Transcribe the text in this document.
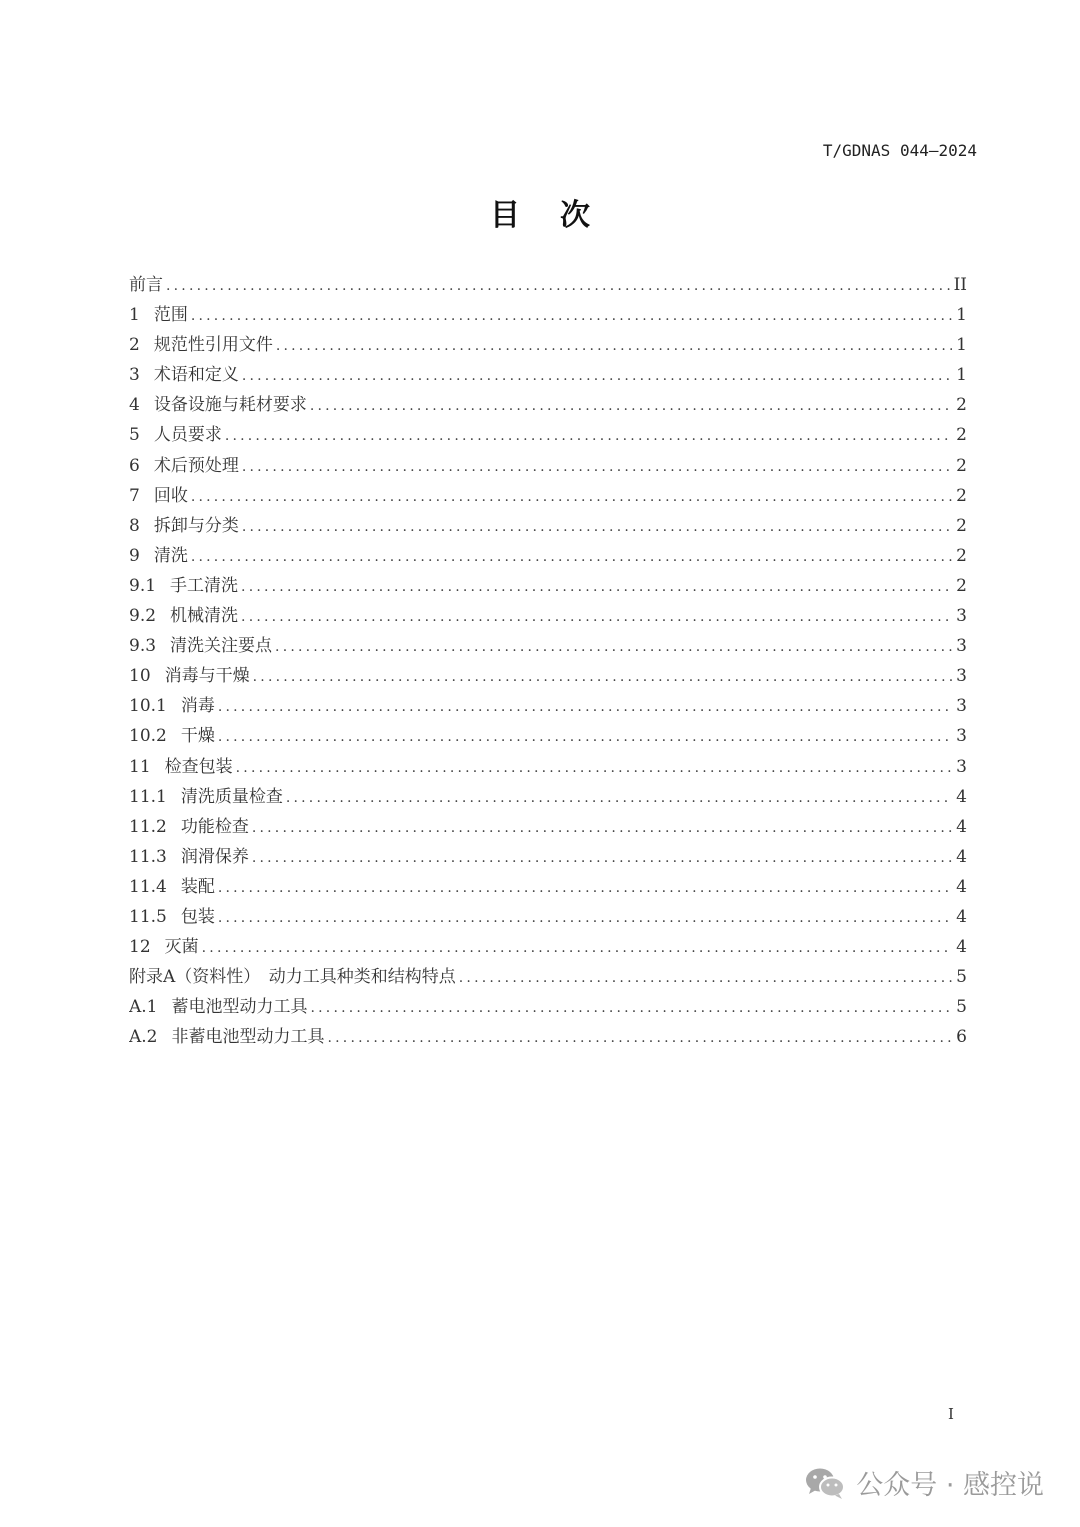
T/GDNAS 044—2024
目次
前言 .....	II
1 范围 .....	1
2 规范性引用文件 .....	1
3 术语和定义 .....	1
4 设备设施与耗材要求 .....	2
5 人员要求 .....	2
6 术后预处理 .....	2
7 回收 .....	2
8 拆卸与分类 .....	2
9 清洗 .....	2
9.1 手工清洗 .....	2
9.2 机械清洗 .....	3
9.3 清洗关注要点 .....	3
10 消毒与干燥 .....	3
10.1 消毒 .....	3
10.2 干燥 .....	3
11 检查包装 .....	3
11.1 清洗质量检查 .....	4
11.2 功能检查 .....	4
11.3 润滑保养 .....	4
11.4 装配 .....	4
11.5 包装 .....	4
12 灭菌 .....	4
附录A（资料性）　动力工具种类和结构特点 .....	5
A.1 蓄电池型动力工具 .....	5
A.2 非蓄电池型动力工具 .....	6
I
公众号 · 感控说
